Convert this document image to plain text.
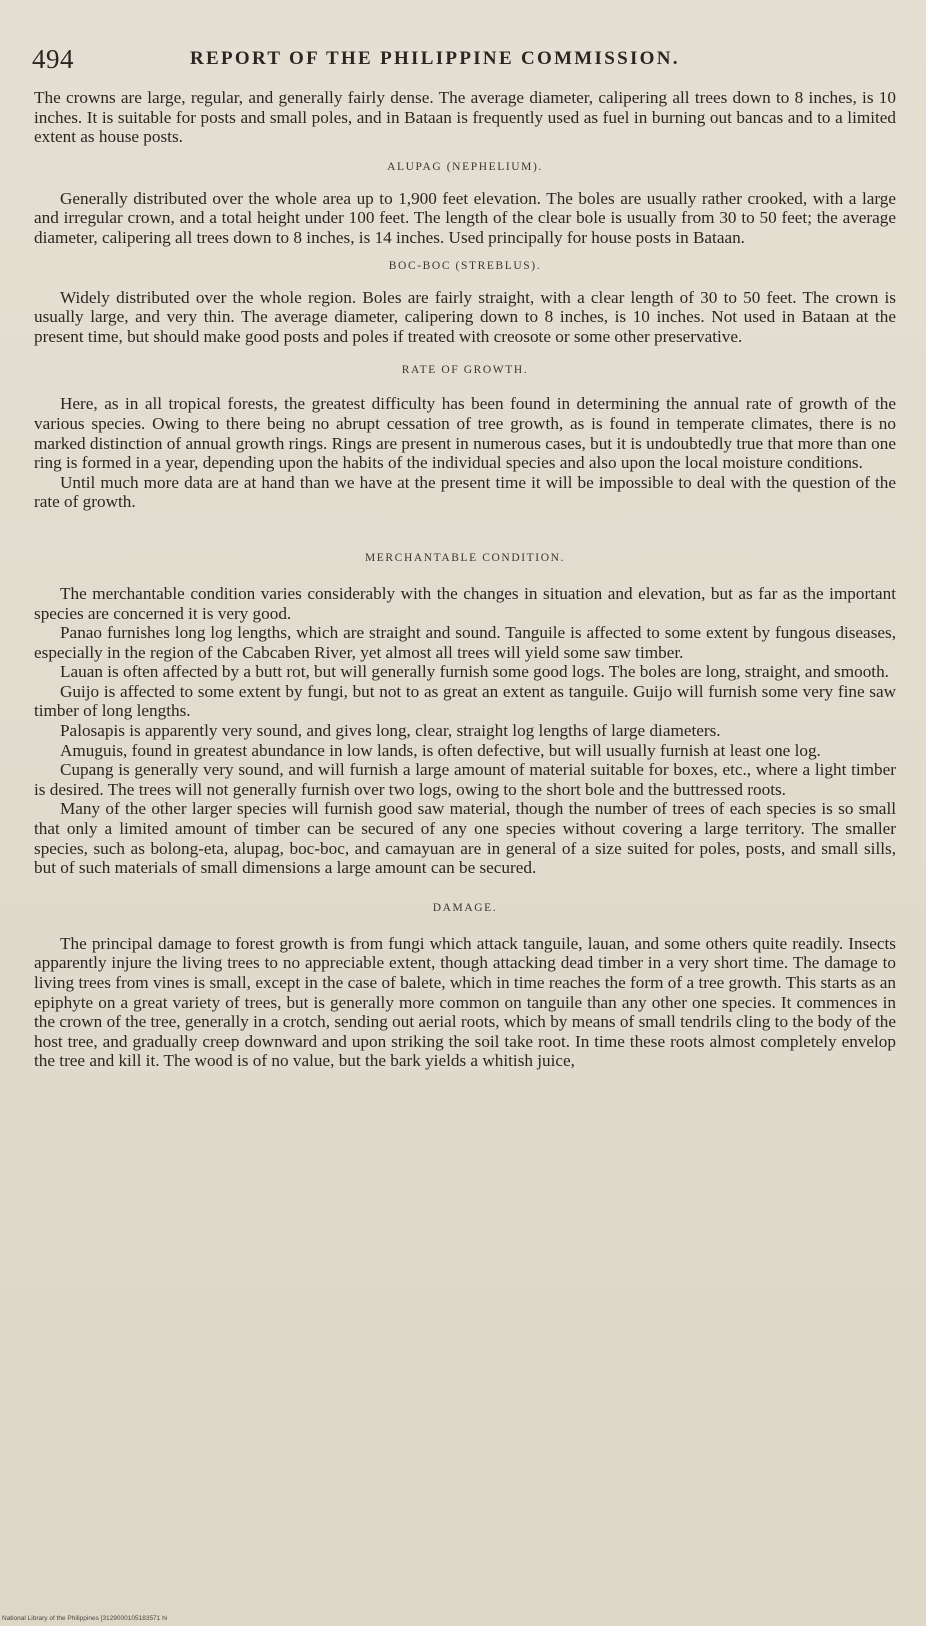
494	REPORT OF THE PHILIPPINE COMMISSION.

The crowns are large, regular, and generally fairly dense. The average diameter, calipering all trees down to 8 inches, is 10 inches. It is suitable for posts and small poles, and in Bataan is frequently used as fuel in burning out bancas and to a limited extent as house posts.

ALUPAG (NEPHELIUM).

Generally distributed over the whole area up to 1,900 feet elevation. The boles are usually rather crooked, with a large and irregular crown, and a total height under 100 feet. The length of the clear bole is usually from 30 to 50 feet; the average diameter, calipering all trees down to 8 inches, is 14 inches. Used principally for house posts in Bataan.

BOC-BOC (STREBLUS).

Widely distributed over the whole region. Boles are fairly straight, with a clear length of 30 to 50 feet. The crown is usually large, and very thin. The average diameter, calipering down to 8 inches, is 10 inches. Not used in Bataan at the present time, but should make good posts and poles if treated with creosote or some other preservative.

RATE OF GROWTH.

Here, as in all tropical forests, the greatest difficulty has been found in determining the annual rate of growth of the various species. Owing to there being no abrupt cessation of tree growth, as is found in temperate climates, there is no marked distinction of annual growth rings. Rings are present in numerous cases, but it is undoubtedly true that more than one ring is formed in a year, depending upon the habits of the individual species and also upon the local moisture conditions.

Until much more data are at hand than we have at the present time it will be impossible to deal with the question of the rate of growth.

MERCHANTABLE CONDITION.

The merchantable condition varies considerably with the changes in situation and elevation, but as far as the important species are concerned it is very good.

Panao furnishes long log lengths, which are straight and sound. Tanguile is affected to some extent by fungous diseases, especially in the region of the Cabcaben River, yet almost all trees will yield some saw timber.

Lauan is often affected by a butt rot, but will generally furnish some good logs. The boles are long, straight, and smooth.

Guijo is affected to some extent by fungi, but not to as great an extent as tanguile. Guijo will furnish some very fine saw timber of long lengths.

Palosapis is apparently very sound, and gives long, clear, straight log lengths of large diameters.

Amuguis, found in greatest abundance in low lands, is often defective, but will usually furnish at least one log.

Cupang is generally very sound, and will furnish a large amount of material suitable for boxes, etc., where a light timber is desired. The trees will not generally furnish over two logs, owing to the short bole and the buttressed roots.

Many of the other larger species will furnish good saw material, though the number of trees of each species is so small that only a limited amount of timber can be secured of any one species without covering a large territory. The smaller species, such as bolong-eta, alupag, boc-boc, and camayuan are in general of a size suited for poles, posts, and small sills, but of such materials of small dimensions a large amount can be secured.

DAMAGE.

The principal damage to forest growth is from fungi which attack tanguile, lauan, and some others quite readily. Insects apparently injure the living trees to no appreciable extent, though attacking dead timber in a very short time. The damage to living trees from vines is small, except in the case of balete, which in time reaches the form of a tree growth. This starts as an epiphyte on a great variety of trees, but is generally more common on tanguile than any other one species. It commences in the crown of the tree, generally in a crotch, sending out aerial roots, which by means of small tendrils cling to the body of the host tree, and gradually creep downward and upon striking the soil take root. In time these roots almost completely envelop the tree and kill it. The wood is of no value, but the bark yields a whitish juice,

National Library of the Philippines [3129000105183571 hi
